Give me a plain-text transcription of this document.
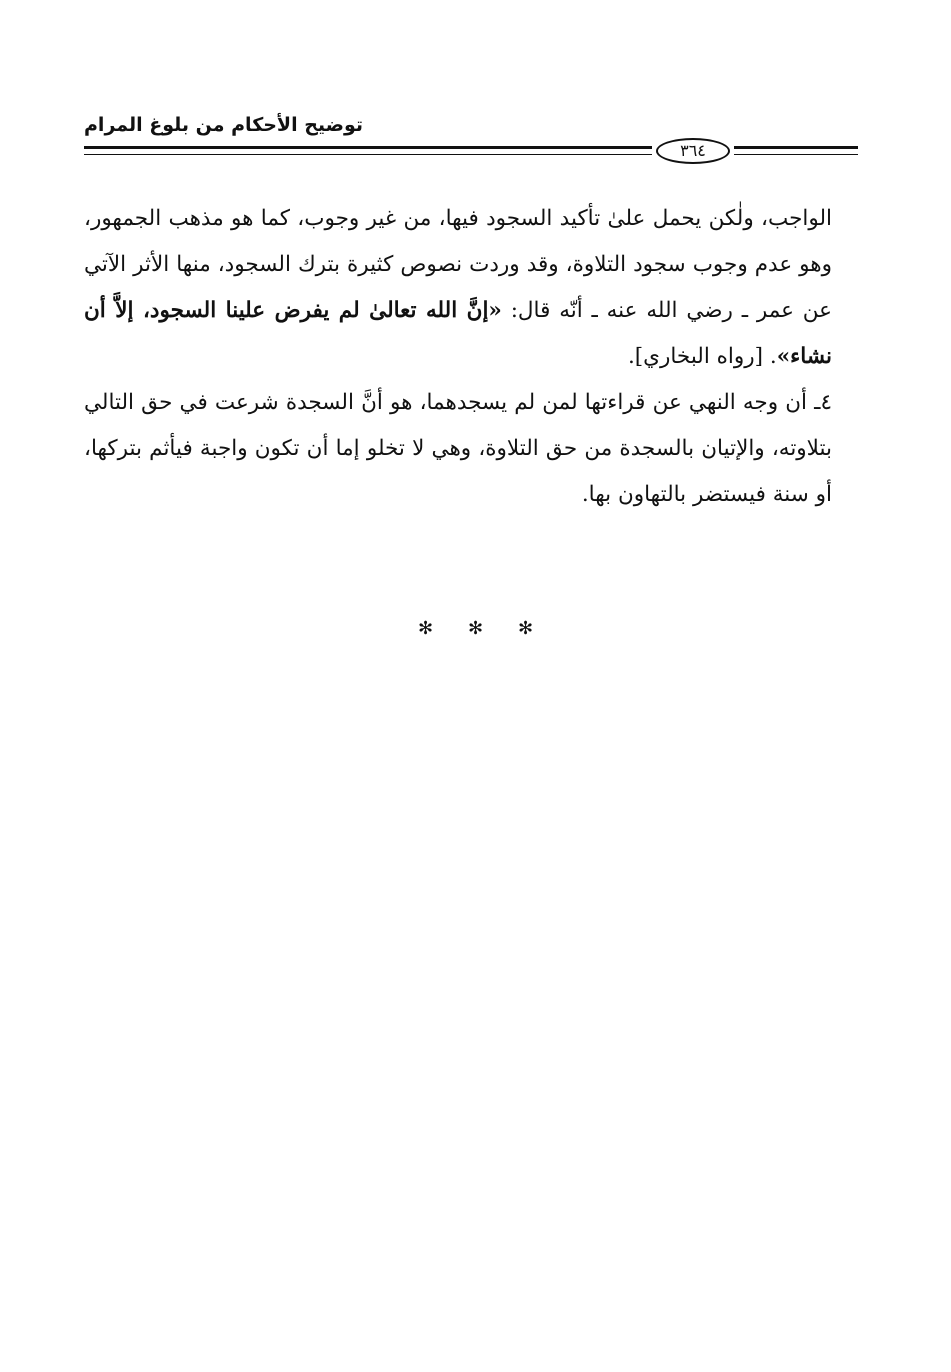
توضيح الأحكام من بلوغ المرام
٣٦٤

الواجب، ولٰكن يحمل علىٰ تأكيد السجود فيها، من غير وجوب، كما هو مذهب الجمهور، وهو عدم وجوب سجود التلاوة، وقد وردت نصوص كثيرة بترك السجود، منها الأثر الآتي عن عمر ـ رضي الله عنه ـ أنّه قال: «إنَّ الله تعالىٰ لم يفرض علينا السجود، إلاَّ أن نشاء». [رواه البخاري].

٤ـ أن وجه النهي عن قراءتها لمن لم يسجدهما، هو أنَّ السجدة شرعت في حق التالي بتلاوته، والإتيان بالسجدة من حق التلاوة، وهي لا تخلو إما أن تكون واجبة فيأثم بتركها، أو سنة فيستضر بالتهاون بها.

✻ ✻ ✻
